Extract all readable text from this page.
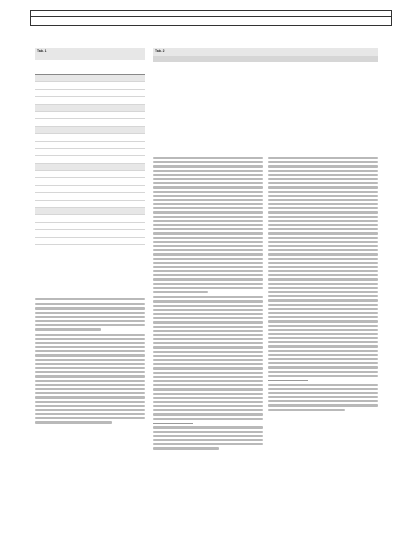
Tab. 1	Tab. 2
